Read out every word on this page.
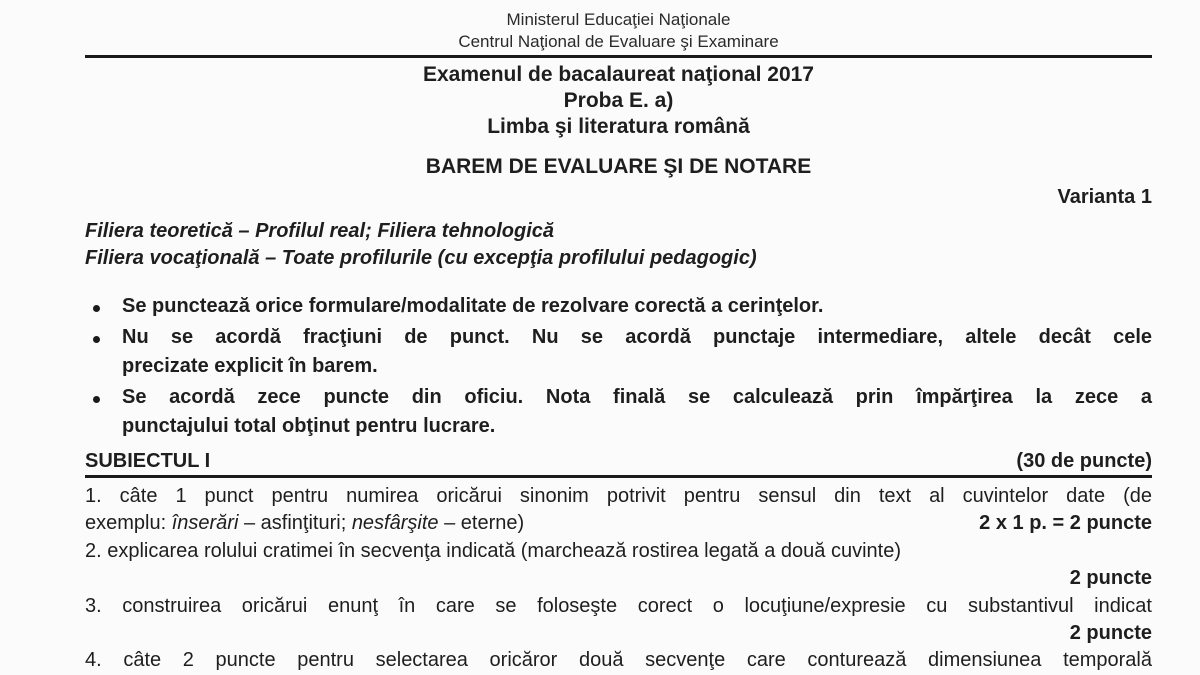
Ministerul Educaţiei Naţionale
Centrul Naţional de Evaluare şi Examinare
Examenul de bacalaureat naţional 2017
Proba E. a)
Limba şi literatura română
BAREM DE EVALUARE ŞI DE NOTARE
Varianta 1
Filiera teoretică – Profilul real; Filiera tehnologică
Filiera vocaţională – Toate profilurile (cu excepţia profilului pedagogic)
Se punctează orice formulare/modalitate de rezolvare corectă a cerinţelor.
Nu se acordă fracţiuni de punct. Nu se acordă punctaje intermediare, altele decât cele
precizate explicit în barem.
Se acordă zece puncte din oficiu. Nota finală se calculează prin împărţirea la zece a
punctajului total obţinut pentru lucrare.
SUBIECTUL I	(30 de puncte)
1. câte 1 punct pentru numirea oricărui sinonim potrivit pentru sensul din text al cuvintelor date (de
exemplu: înserări – asfinţituri; nesfârşite – eterne)	2 x 1 p. = 2 puncte
2. explicarea rolului cratimei în secvenţa indicată (marchează rostirea legată a două cuvinte)
2 puncte
3. construirea oricărui enunţ în care se foloseşte corect o locuţiune/expresie cu substantivul indicat
2 puncte
4. câte 2 puncte pentru selectarea oricăror două secvenţe care conturează dimensiunea temporală
